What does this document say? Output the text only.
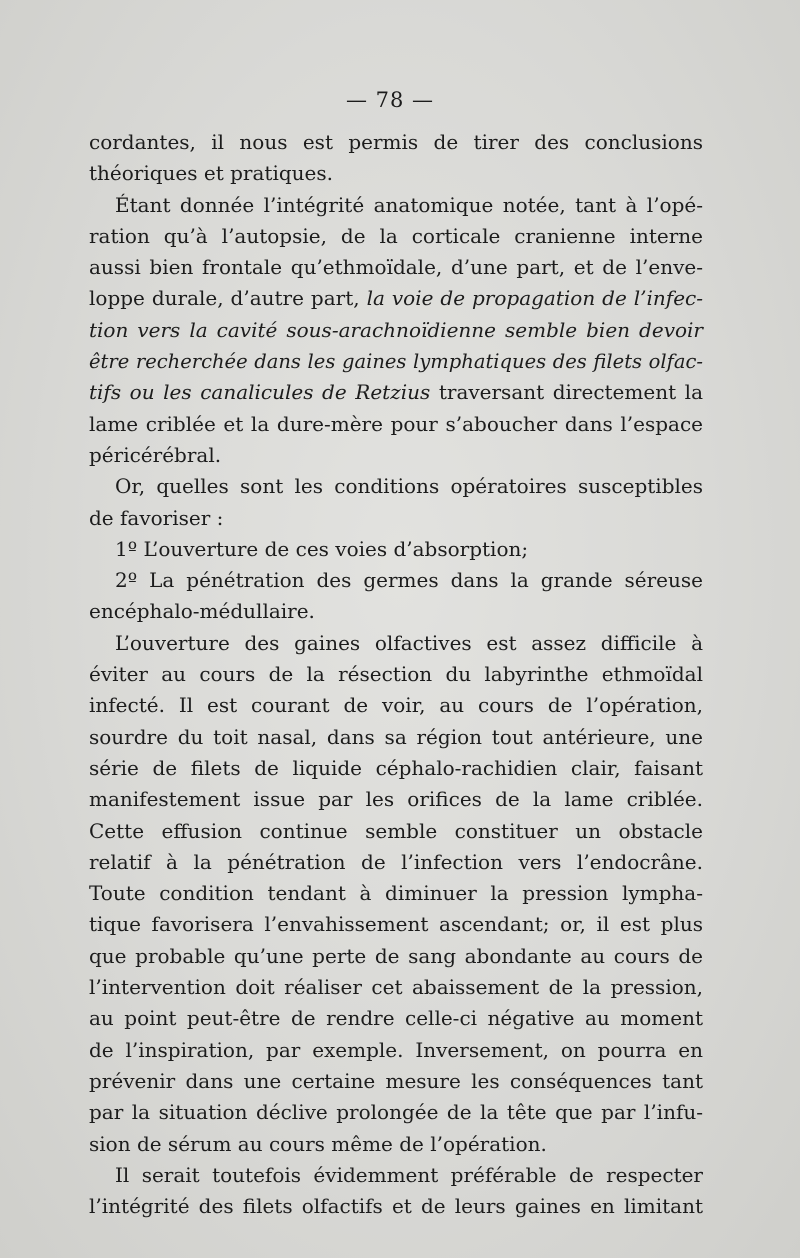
— 78 —
cordantes, il nous est permis de tirer des conclusions
théoriques et pratiques.
Étant donnée l’intégrité anatomique notée, tant à l’opé-
ration qu’à l’autopsie, de la corticale cranienne interne
aussi bien frontale qu’ethmoïdale, d’une part, et de l’enve-
loppe durale, d’autre part, la voie de propagation de l’infec-
tion vers la cavité sous-arachnoïdienne semble bien devoir
être recherchée dans les gaines lymphatiques des filets olfac-
tifs ou les canalicules de Retzius traversant directement la
lame criblée et la dure-mère pour s’aboucher dans l’espace
péricérébral.
Or, quelles sont les conditions opératoires susceptibles
de favoriser :
1º L’ouverture de ces voies d’absorption;
2º La pénétration des germes dans la grande séreuse
encéphalo-médullaire.
L’ouverture des gaines olfactives est assez difficile à
éviter au cours de la résection du labyrinthe ethmoïdal
infecté. Il est courant de voir, au cours de l’opération,
sourdre du toit nasal, dans sa région tout antérieure, une
série de filets de liquide céphalo-rachidien clair, faisant
manifestement issue par les orifices de la lame criblée.
Cette effusion continue semble constituer un obstacle
relatif à la pénétration de l’infection vers l’endocrâne.
Toute condition tendant à diminuer la pression lympha-
tique favorisera l’envahissement ascendant; or, il est plus
que probable qu’une perte de sang abondante au cours de
l’intervention doit réaliser cet abaissement de la pression,
au point peut-être de rendre celle-ci négative au moment
de l’inspiration, par exemple. Inversement, on pourra en
prévenir dans une certaine mesure les conséquences tant
par la situation déclive prolongée de la tête que par l’infu-
sion de sérum au cours même de l’opération.
Il serait toutefois évidemment préférable de respecter
l’intégrité des filets olfactifs et de leurs gaines en limitant
